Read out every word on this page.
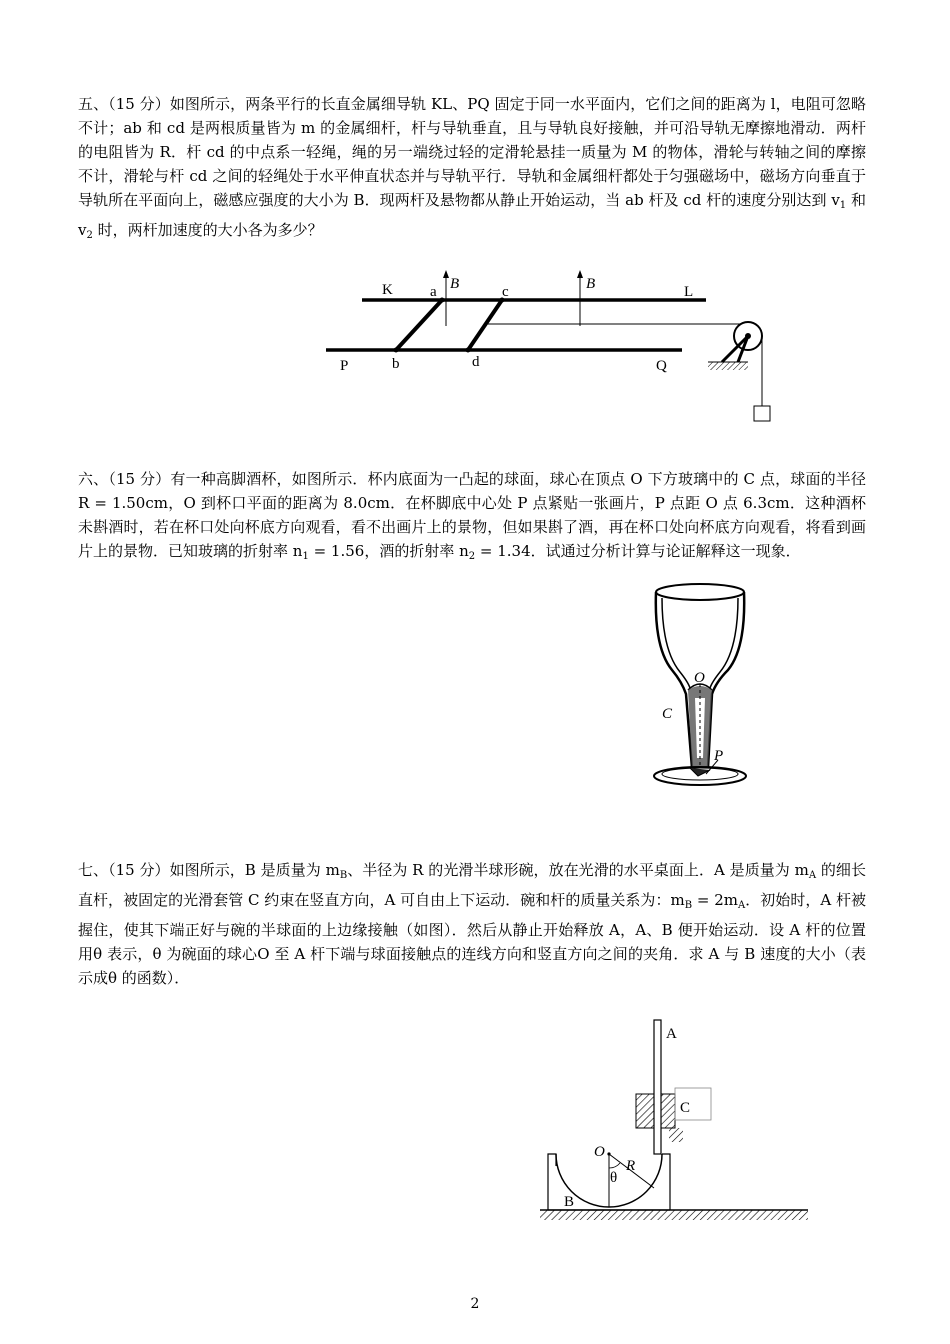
五、（15 分）如图所示，两条平行的长直金属细导轨 KL、PQ 固定于同一水平面内，它们之间的距离为 l，电阻可忽略不计；ab 和 cd 是两根质量皆为 m 的金属细杆，杆与导轨垂直，且与导轨良好接触，并可沿导轨无摩擦地滑动．两杆的电阻皆为 R．杆 cd 的中点系一轻绳，绳的另一端绕过轻的定滑轮悬挂一质量为 M 的物体，滑轮与转轴之间的摩擦不计，滑轮与杆 cd 之间的轻绳处于水平伸直状态并与导轨平行．导轨和金属细杆都处于匀强磁场中，磁场方向垂直于导轨所在平面向上，磁感应强度的大小为 B．现两杆及悬物都从静止开始运动，当 ab 杆及 cd 杆的速度分别达到 $v_1$ 和 $v_2$ 时，两杆加速度的大小各为多少？

K a B	c	B	L
P	b	d	Q

六、（15 分）有一种高脚酒杯，如图所示．杯内底面为一凸起的球面，球心在顶点 O 下方玻璃中的 C 点，球面的半径 R = 1.50cm，O 到杯口平面的距离为 8.0cm．在杯脚底中心处 P 点紧贴一张画片，P 点距 O 点 6.3cm．这种酒杯未斟酒时，若在杯口处向杯底方向观看，看不出画片上的景物，但如果斟了酒，再在杯口处向杯底方向观看，将看到画片上的景物．已知玻璃的折射率 $n_1 = 1.56$，酒的折射率 $n_2 = 1.34$．试通过分析计算与论证解释这一现象．

O
C
P

七、（15 分）如图所示，B 是质量为 $m_B$、半径为 R 的光滑半球形碗，放在光滑的水平桌面上．A 是质量为 $m_A$ 的细长直杆，被固定的光滑套管 C 约束在竖直方向，A 可自由上下运动．碗和杆的质量关系为：$m_B = 2m_A$．初始时，A 杆被握住，使其下端正好与碗的半球面的上边缘接触（如图）．然后从静止开始释放 A，A、B 便开始运动．设 A 杆的位置用θ 表示，θ 为碗面的球心O 至 A 杆下端与球面接触点的连线方向和竖直方向之间的夹角．求 A 与 B 速度的大小（表示成θ 的函数）．

A
C
O
R
θ
B
2
